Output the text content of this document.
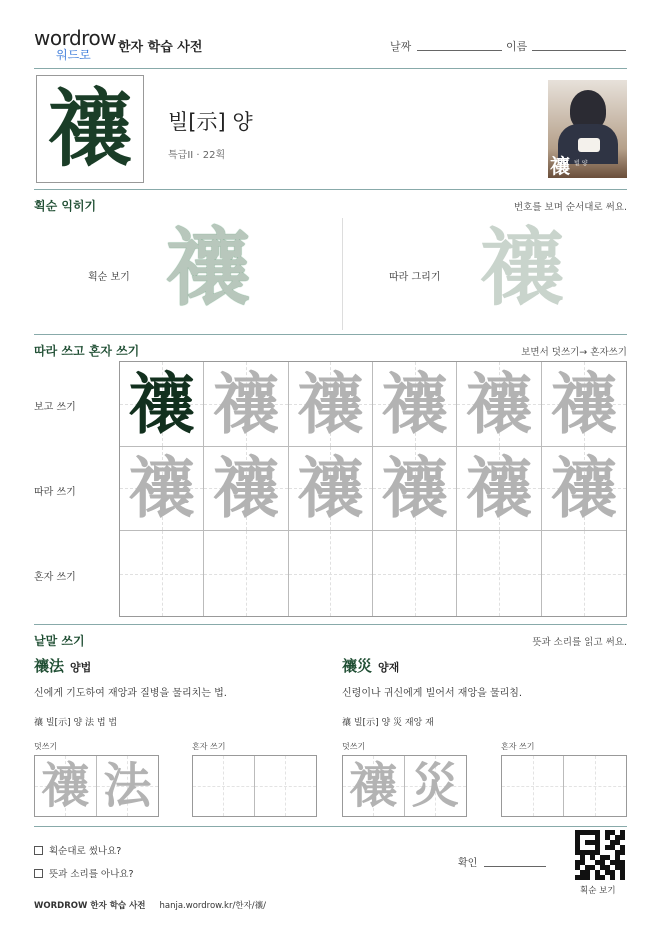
wordrow
워드로	한자 학습 사전	날짜	이름
禳 빌[示] 양
특급II · 22획	禳 빌 양
획순 익히기	번호를 보며 순서대로 써요.
획순 보기 禳	따라 그리기 禳
따라 쓰고 혼자 쓰기	보면서 덧쓰기→ 혼자쓰기
보고 쓰기
따라 쓰기
혼자 쓰기
禳 禳 禳 禳 禳 禳
禳 禳 禳 禳 禳 禳
낱말 쓰기	뜻과 소리를 읽고 써요.
禳法 양법
신에게 기도하여 재앙과 질병을 물리치는 법.
禳 빌[示] 양 法 법 법
덧쓰기	혼자 쓰기
禳 法
禳災 양재
신령이나 귀신에게 빌어서 재앙을 물리침.
禳 빌[示] 양 災 재앙 재
덧쓰기	혼자 쓰기
禳 災
획순대로 썼나요?
뜻과 소리를 아나요?
확인
획순 보기
WORDROW 한자 학습 사전 hanja.wordrow.kr/한자/禳/
